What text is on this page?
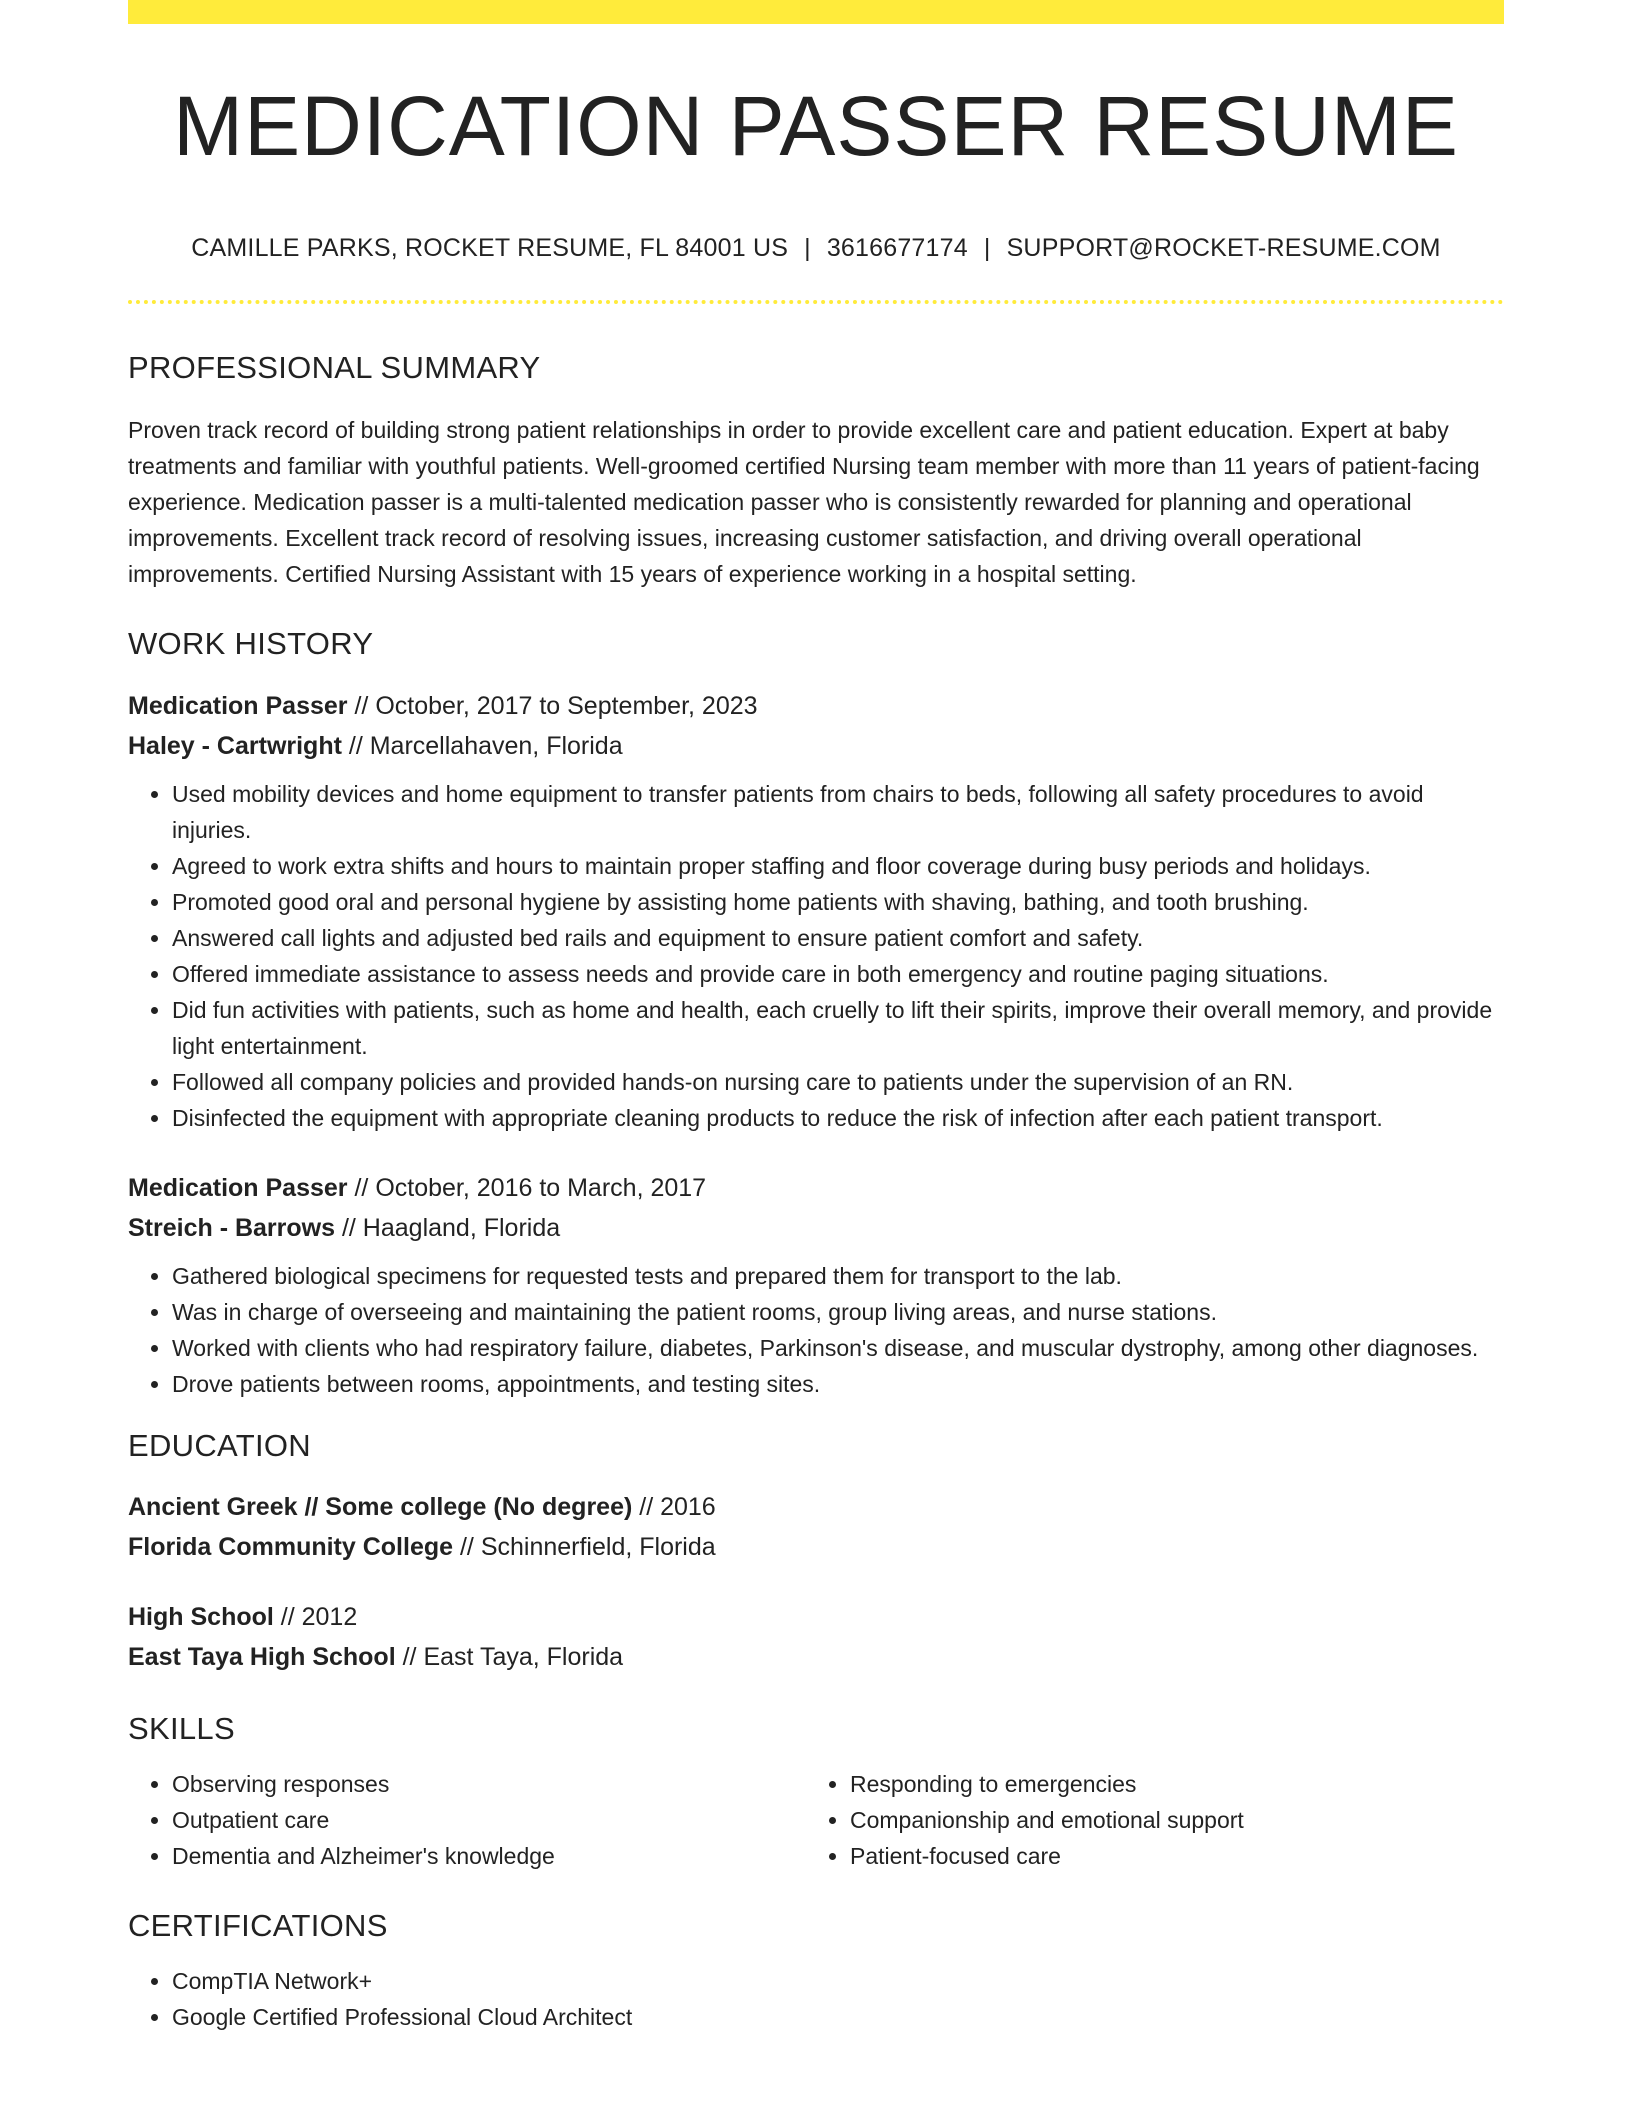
MEDICATION PASSER RESUME
CAMILLE PARKS, ROCKET RESUME, FL 84001 US | 3616677174 | SUPPORT@ROCKET-RESUME.COM
PROFESSIONAL SUMMARY

Proven track record of building strong patient relationships in order to provide excellent care and patient education. Expert at baby treatments and familiar with youthful patients. Well-groomed certified Nursing team member with more than 11 years of patient-facing experience. Medication passer is a multi-talented medication passer who is consistently rewarded for planning and operational improvements. Excellent track record of resolving issues, increasing customer satisfaction, and driving overall operational improvements. Certified Nursing Assistant with 15 years of experience working in a hospital setting.

WORK HISTORY
Medication Passer // October, 2017 to September, 2023
Haley - Cartwright // Marcellahaven, Florida
• Used mobility devices and home equipment to transfer patients from chairs to beds, following all safety procedures to avoid injuries.
• Agreed to work extra shifts and hours to maintain proper staffing and floor coverage during busy periods and holidays.
• Promoted good oral and personal hygiene by assisting home patients with shaving, bathing, and tooth brushing.
• Answered call lights and adjusted bed rails and equipment to ensure patient comfort and safety.
• Offered immediate assistance to assess needs and provide care in both emergency and routine paging situations.
• Did fun activities with patients, such as home and health, each cruelly to lift their spirits, improve their overall memory, and provide light entertainment.
• Followed all company policies and provided hands-on nursing care to patients under the supervision of an RN.
• Disinfected the equipment with appropriate cleaning products to reduce the risk of infection after each patient transport.
Medication Passer // October, 2016 to March, 2017
Streich - Barrows // Haagland, Florida
• Gathered biological specimens for requested tests and prepared them for transport to the lab.
• Was in charge of overseeing and maintaining the patient rooms, group living areas, and nurse stations.
• Worked with clients who had respiratory failure, diabetes, Parkinson's disease, and muscular dystrophy, among other diagnoses.
• Drove patients between rooms, appointments, and testing sites.
EDUCATION
Ancient Greek // Some college (No degree) // 2016
Florida Community College // Schinnerfield, Florida
High School // 2012
East Taya High School // East Taya, Florida
SKILLS
• Observing responses
• Outpatient care
• Dementia and Alzheimer's knowledge
• Responding to emergencies
• Companionship and emotional support
• Patient-focused care
CERTIFICATIONS
• CompTIA Network+
• Google Certified Professional Cloud Architect
